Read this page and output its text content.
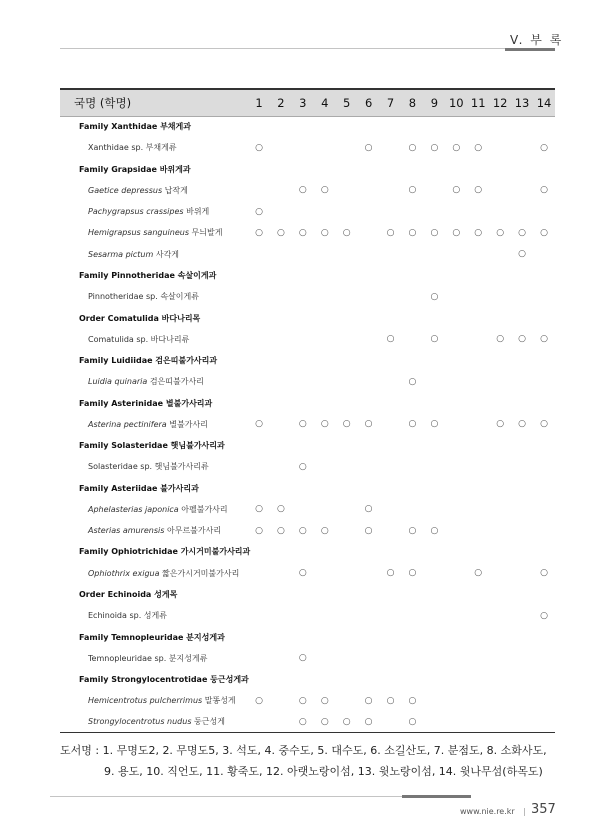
V. 부 록
국명 (학명)	1	2	3	4	5	6	7	8	9	10	11	12	13	14
Family Xanthidae 부채게과														
Xanthidae sp. 부채게류	○					○		○	○	○	○			○
Family Grapsidae 바위게과														
Gaetice depressus 납작게			○	○				○		○	○			○
Pachygrapsus crassipes 바위게	○													
Hemigrapsus sanguineus 무늬발게	○	○	○	○	○		○	○	○	○	○	○	○	○
Sesarma pictum 사각게													○	
Family Pinnotheridae 속살이게과														
Pinnotheridae sp. 속살이게류									○					
Order Comatulida 바다나리목														
Comatulida sp. 바다나리류							○		○			○	○	○
Family Luidiidae 검은띠불가사리과														
Luidia quinaria 검은띠불가사리								○						
Family Asterinidae 별불가사리과														
Asterina pectinifera 별불가사리	○		○	○	○	○		○	○			○	○	○
Family Solasteridae 햇님불가사리과														
Solasteridae sp. 햇님불가사리류			○											
Family Asteriidae 불가사리과														
Aphelasterias japonica 아펠불가사리	○	○				○								
Asterias amurensis 아무르불가사리	○	○	○	○		○		○	○					
Family Ophiotrichidae 가시거미불가사리과														
Ophiothrix exigua 짧은가시거미불가사리			○				○	○			○			○
Order Echinoida 성게목														
Echinoida sp. 성게류														○
Family Temnopleuridae 분지성게과														
Temnopleuridae sp. 분지성게류			○											
Family Strongylocentrotidae 둥근성게과														
Hemicentrotus pulcherrimus 말똥성게	○		○	○		○	○	○						
Strongylocentrotus nudus 둥근성게			○	○	○	○		○						
도서명 : 1. 무명도2, 2. 무명도5, 3. 석도, 4. 중수도, 5. 대수도, 6. 소길산도, 7. 분점도, 8. 소화사도,
9. 용도, 10. 직언도, 11. 황죽도, 12. 아랫노랑이섬, 13. 윗노랑이섬, 14. 윗나무섬(하목도)
www.nie.re.kr | 357
